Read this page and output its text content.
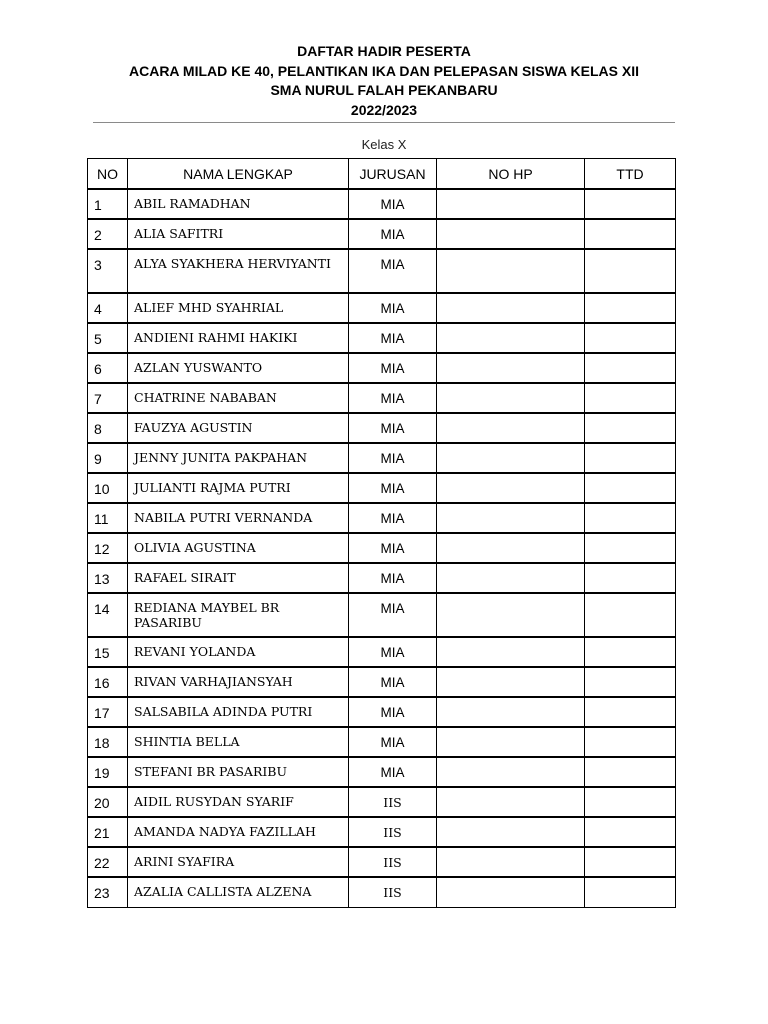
DAFTAR HADIR PESERTA
ACARA MILAD KE 40, PELANTIKAN IKA DAN PELEPASAN SISWA KELAS XII
SMA NURUL FALAH PEKANBARU
2022/2023
Kelas X
NO	NAMA LENGKAP	JURUSAN	NO HP	TTD
1	ABIL RAMADHAN	MIA		
2	ALIA SAFITRI	MIA		
3	ALYA SYAKHERA HERVIYANTI	MIA		
4	ALIEF MHD SYAHRIAL	MIA		
5	ANDIENI RAHMI HAKIKI	MIA		
6	AZLAN YUSWANTO	MIA		
7	CHATRINE NABABAN	MIA		
8	FAUZYA AGUSTIN	MIA		
9	JENNY JUNITA PAKPAHAN	MIA		
10	JULIANTI RAJMA PUTRI	MIA		
11	NABILA PUTRI VERNANDA	MIA		
12	OLIVIA AGUSTINA	MIA		
13	RAFAEL SIRAIT	MIA		
14	REDIANA MAYBEL BR PASARIBU	MIA		
15	REVANI YOLANDA	MIA		
16	RIVAN VARHAJIANSYAH	MIA		
17	SALSABILA ADINDA PUTRI	MIA		
18	SHINTIA BELLA	MIA		
19	STEFANI BR PASARIBU	MIA		
20	AIDIL RUSYDAN SYARIF	IIS		
21	AMANDA NADYA FAZILLAH	IIS		
22	ARINI SYAFIRA	IIS		
23	AZALIA CALLISTA ALZENA	IIS		
